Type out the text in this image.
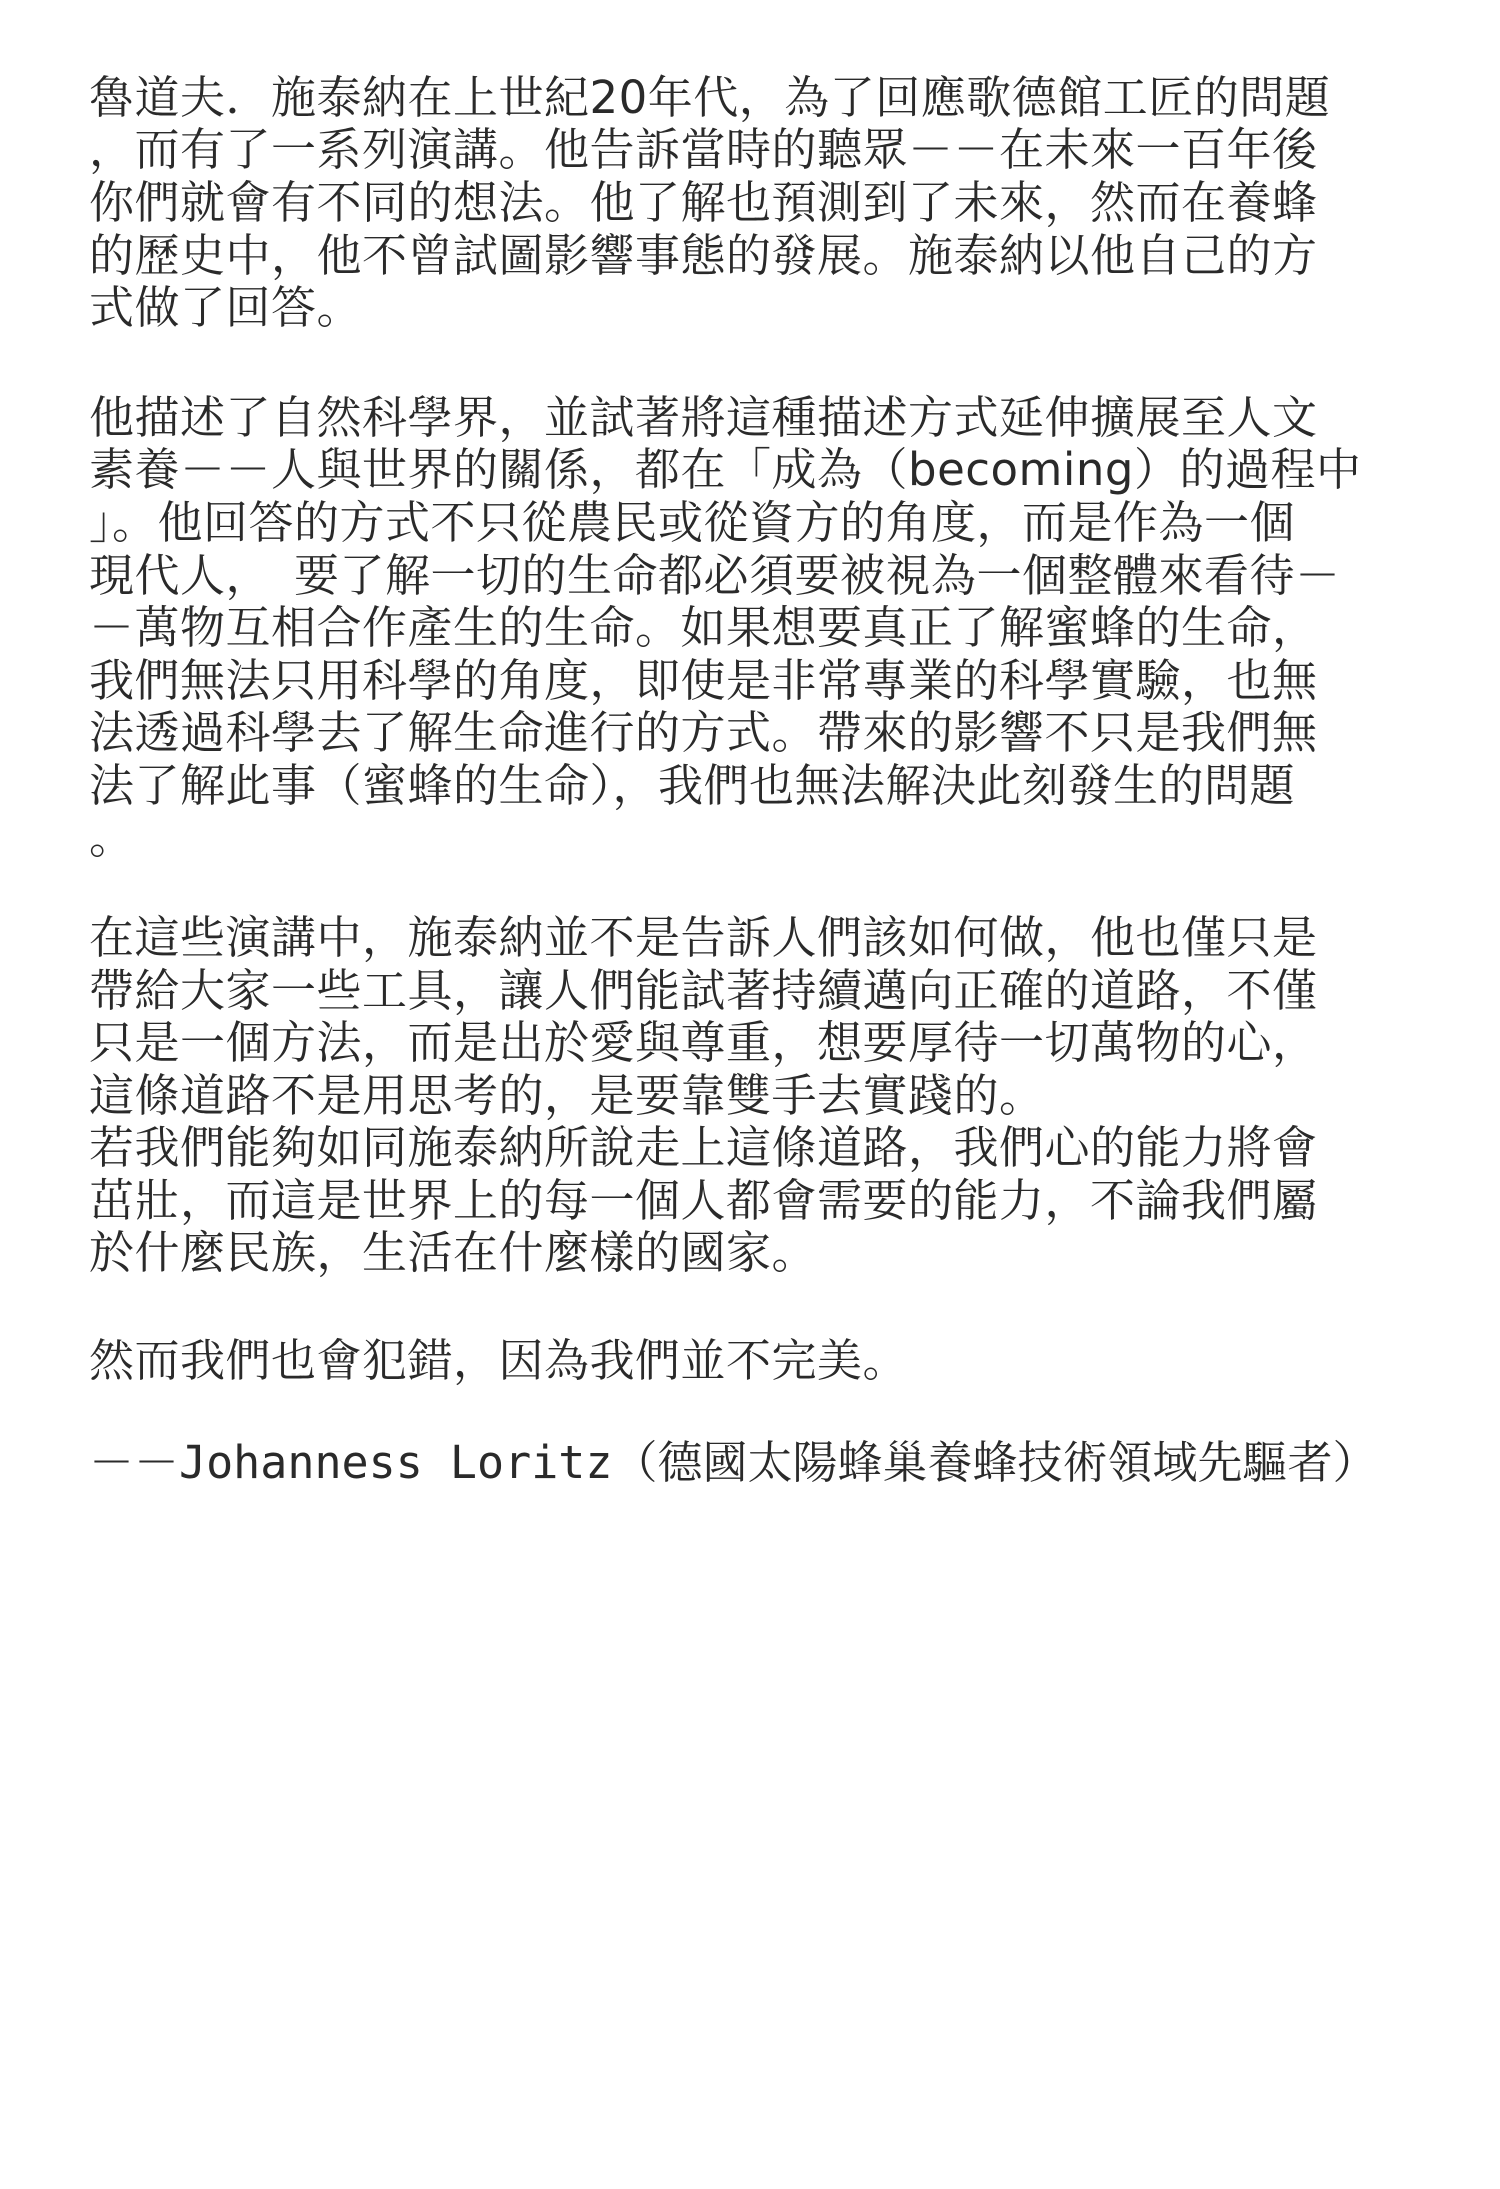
魯道夫．施泰納在上世紀20年代，為了回應歌德館工匠的問題

，而有了一系列演講。他告訴當時的聽眾－－在未來一百年後

你們就會有不同的想法。他了解也預測到了未來，然而在養蜂

的歷史中，他不曾試圖影響事態的發展。施泰納以他自己的方

式做了回答。

他描述了自然科學界，並試著將這種描述方式延伸擴展至人文

素養－－人與世界的關係，都在「成為（becoming）的過程中

」。他回答的方式不只從農民或從資方的角度，而是作為一個

現代人，　要了解一切的生命都必須要被視為一個整體來看待－

－萬物互相合作產生的生命。如果想要真正了解蜜蜂的生命，

我們無法只用科學的角度，即使是非常專業的科學實驗，也無

法透過科學去了解生命進行的方式。帶來的影響不只是我們無

法了解此事（蜜蜂的生命），我們也無法解決此刻發生的問題

。

在這些演講中，施泰納並不是告訴人們該如何做，他也僅只是

帶給大家一些工具，讓人們能試著持續邁向正確的道路，不僅

只是一個方法，而是出於愛與尊重，想要厚待一切萬物的心，

這條道路不是用思考的，是要靠雙手去實踐的。

若我們能夠如同施泰納所說走上這條道路，我們心的能力將會

茁壯，而這是世界上的每一個人都會需要的能力，不論我們屬

於什麼民族，生活在什麼樣的國家。

然而我們也會犯錯，因為我們並不完美。

－－Johanness Loritz（德國太陽蜂巢養蜂技術領域先驅者）
